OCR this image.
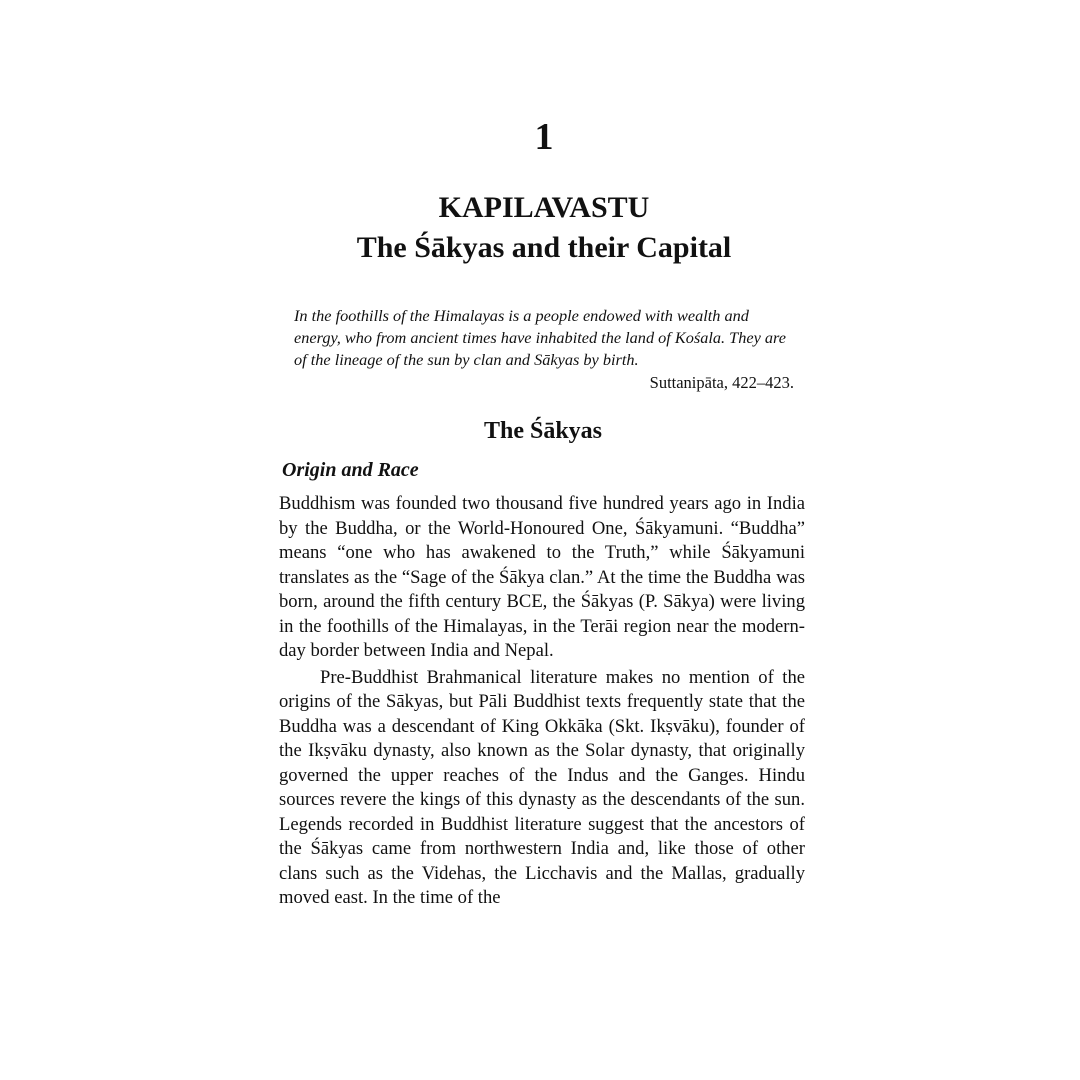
1
KAPILAVASTU
The Śākyas and their Capital
In the foothills of the Himalayas is a people endowed with wealth and energy, who from ancient times have inhabited the land of Kośala. They are of the lineage of the sun by clan and Sākyas by birth.
Suttanipāta, 422–423.
The Śākyas
Origin and Race

Buddhism was founded two thousand five hundred years ago in India by the Buddha, or the World-Honoured One, Śākyamuni. “Buddha” means “one who has awakened to the Truth,” while Śākyamuni translates as the “Sage of the Śākya clan.” At the time the Buddha was born, around the fifth century BCE, the Śākyas (P. Sākya) were living in the foothills of the Himalayas, in the Terāi region near the modern-day border between India and Nepal.

Pre-Buddhist Brahmanical literature makes no mention of the origins of the Sākyas, but Pāli Buddhist texts frequently state that the Buddha was a descendant of King Okkāka (Skt. Ikṣvāku), founder of the Ikṣvāku dynasty, also known as the Solar dynasty, that originally governed the upper reaches of the Indus and the Ganges. Hindu sources revere the kings of this dynasty as the descendants of the sun. Legends recorded in Buddhist literature suggest that the ancestors of the Śākyas came from northwestern India and, like those of other clans such as the Videhas, the Licchavis and the Mallas, gradually moved east. In the time of the
